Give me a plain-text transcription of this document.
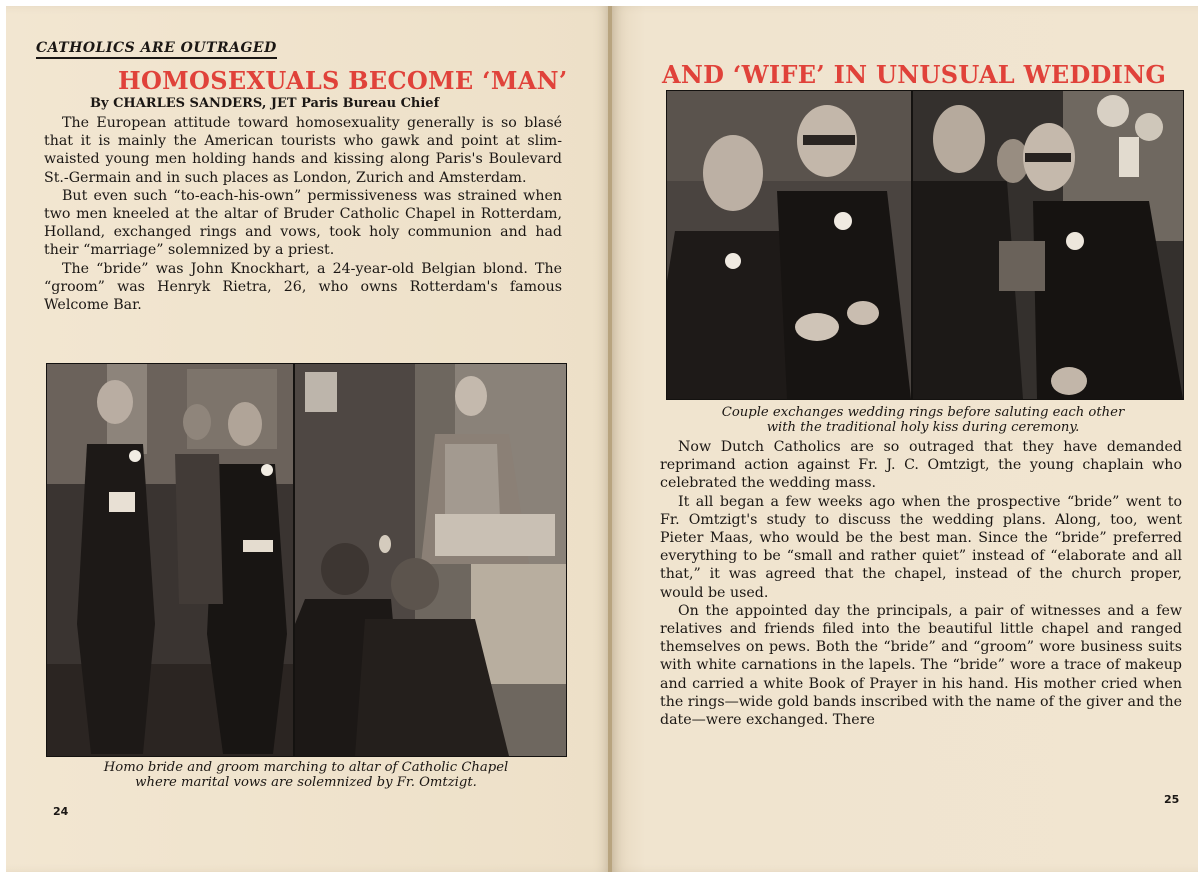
CATHOLICS ARE OUTRAGED
HOMOSEXUALS BECOME ‘MAN’
By CHARLES SANDERS, JET Paris Bureau Chief

The European attitude toward homosexuality generally is so blasé that it is mainly the American tourists who gawk and point at slim-waisted young men holding hands and kissing along Paris's Boulevard St.-Germain and in such places as London, Zurich and Amsterdam.

But even such “to-each-his-own” permissiveness was strained when two men kneeled at the altar of Bruder Catholic Chapel in Rotterdam, Holland, exchanged rings and vows, took holy communion and had their “marriage” solemnized by a priest.

The “bride” was John Knockhart, a 24-year-old Belgian blond. The “groom” was Henryk Rietra, 26, who owns Rotterdam's famous Welcome Bar.

Homo bride and groom marching to altar of Catholic Chapel
where marital vows are solemnized by Fr. Omtzigt.
24
AND ‘WIFE’ IN UNUSUAL WEDDING
Couple exchanges wedding rings before saluting each other
with the traditional holy kiss during ceremony.

Now Dutch Catholics are so outraged that they have demanded reprimand action against Fr. J. C. Omtzigt, the young chaplain who celebrated the wedding mass.

It all began a few weeks ago when the prospective “bride” went to Fr. Omtzigt's study to discuss the wedding plans. Along, too, went Pieter Maas, who would be the best man. Since the “bride” preferred everything to be “small and rather quiet” instead of “elaborate and all that,” it was agreed that the chapel, instead of the church proper, would be used.

On the appointed day the principals, a pair of witnesses and a few relatives and friends filed into the beautiful little chapel and ranged themselves on pews. Both the “bride” and “groom” wore business suits with white carnations in the lapels. The “bride” wore a trace of makeup and carried a white Book of Prayer in his hand. His mother cried when the rings—wide gold bands inscribed with the name of the giver and the date—were exchanged. There

25
